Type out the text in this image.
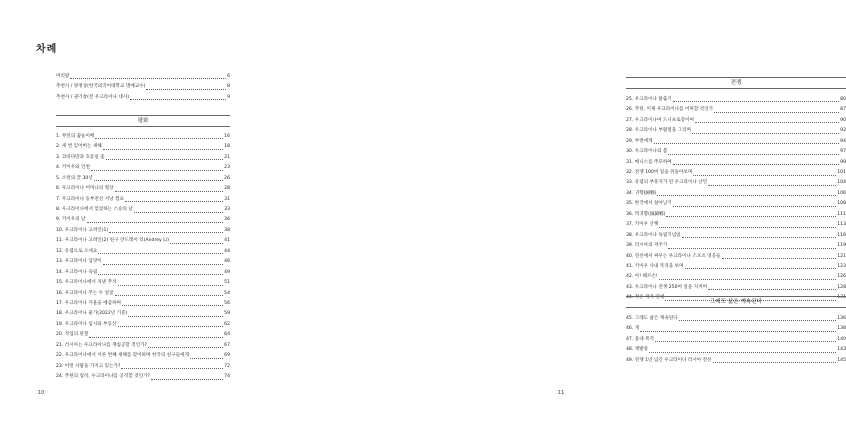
차례
머리말	6
추천사 / 양정상(한국외국어대학교 명예교수)	8
추천사 / 권기창(전 우크라이나 대사)	9
평화
1. 무민의 꿈놀이배	16
2. 세 번 잊어버는 새해	18
3. 코바다만과 호롱일 꽃	21
4. 키이우와 인천	23
5. 소련의 끝 30년	26
6. 우크라이나 어머니의 형상	28
7. 우크라이나 동부전선 서낭 캠프	31
8. 우크라이나에서 잊었하는 스승의 날	33
9. 키이우의 날	36
10. 우크라이나 고려인(1)	38
11. 우크라이나 고려인(2) 친구 안드레이 리(Andrey Li)	41
12. 유럽으로 오세요	44
13. 우크라이나 입맛이	46
14. 우크라이나 독립	49
15. 우크라이나에서 지낸 추석	51
16. 우크라이나 푸는 두 얼굴	54
17. 우크라이나 겨울을 예감하며	56
18. 우크라이나 물가(2022년 기준)	59
19. 우크라이나 임시와 부동산	62
20. 작업의 관찰	64
21. 러시아는 우크라이나를 재침공할 것인가?	67
22. 우크라이나에서 서른 번째 새해를 맞이하며 한국의 친구들에게	69
23. 어떤 사람을 가지고 있는가?	72
24. 푸틴의 집착, 우크라이나를 공격할 것인가?	74
10
전쟁
25. 우크라이나 탈출기	80
26. 푸틴, 이제 우크라이나를 어찌할 것인가	87
27. 우크라이나여 드니프로강이여	90
28. 우크라이나 부활절을 그리며	92
29. 부번에게	94
30. 우크라이나의 봄	97
31. 메니스를 추모하며	99
32. 전쟁 100여 일을 뒤돌아보며	101
33. 유럽의 부흥지가 된 우크라이나 난민	104
34. 귀향(歸鄕)	106
35. 한국에서 살아남기	108
36. 먹귀향(滅歸鄕)	111
37. 키이우 산책	113
38. 우크라이나 독립기념일	116
39. 러시아의 저주기	119
40. 전선에서 싸우는 우크라이나 스포츠 영웅들	121
41. 키이우 사내 폭격을 보며	123
42. 아! 헤르손!	126
43. 우크라이나 전쟁 250여 일을 지켜며	128
44. 작은 국가 연대	131
그래도 삶은 계속된다
45. 그래도 삶은 계속된다	136
46. 개	138
47. 올네 폭격	140
48. 재발중	143
49. 전쟁 1년 넘긴 우크라이나 러시아 전선	145
11
